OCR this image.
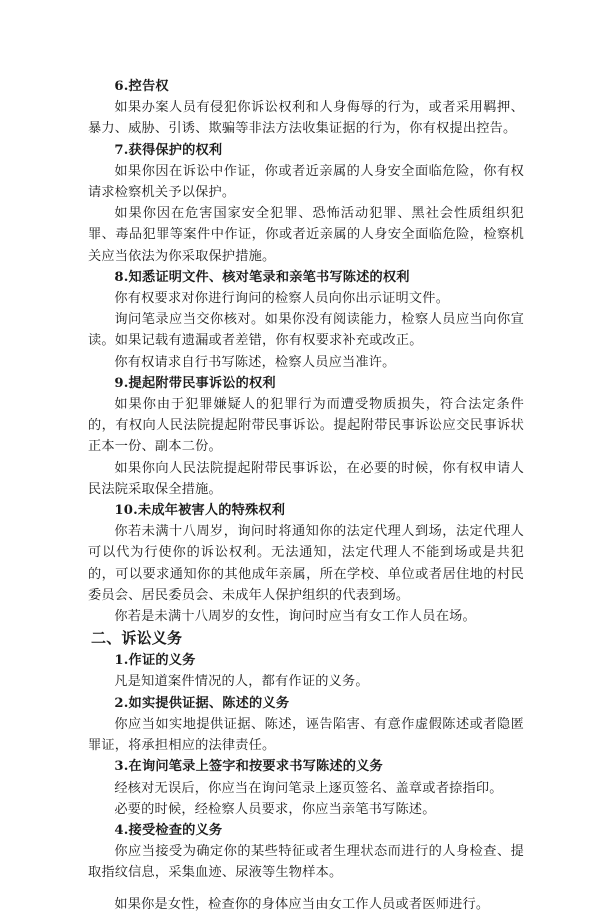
6.控告权

如果办案人员有侵犯你诉讼权利和人身侮辱的行为，或者采用羁押、暴力、威胁、引诱、欺骗等非法方法收集证据的行为，你有权提出控告。

7.获得保护的权利

如果你因在诉讼中作证，你或者近亲属的人身安全面临危险，你有权请求检察机关予以保护。

如果你因在危害国家安全犯罪、恐怖活动犯罪、黑社会性质组织犯罪、毒品犯罪等案件中作证，你或者近亲属的人身安全面临危险，检察机关应当依法为你采取保护措施。

8.知悉证明文件、核对笔录和亲笔书写陈述的权利

你有权要求对你进行询问的检察人员向你出示证明文件。

询问笔录应当交你核对。如果你没有阅读能力，检察人员应当向你宣读。如果记载有遗漏或者差错，你有权要求补充或改正。

你有权请求自行书写陈述，检察人员应当准许。

9.提起附带民事诉讼的权利

如果你由于犯罪嫌疑人的犯罪行为而遭受物质损失，符合法定条件的，有权向人民法院提起附带民事诉讼。提起附带民事诉讼应交民事诉状正本一份、副本二份。

如果你向人民法院提起附带民事诉讼，在必要的时候，你有权申请人民法院采取保全措施。

10.未成年被害人的特殊权利

你若未满十八周岁，询问时将通知你的法定代理人到场，法定代理人可以代为行使你的诉讼权利。无法通知，法定代理人不能到场或是共犯的，可以要求通知你的其他成年亲属，所在学校、单位或者居住地的村民委员会、居民委员会、未成年人保护组织的代表到场。

你若是未满十八周岁的女性，询问时应当有女工作人员在场。

二、诉讼义务

1.作证的义务

凡是知道案件情况的人，都有作证的义务。

2.如实提供证据、陈述的义务

你应当如实地提供证据、陈述，诬告陷害、有意作虚假陈述或者隐匿罪证，将承担相应的法律责任。

3.在询问笔录上签字和按要求书写陈述的义务

经核对无误后，你应当在询问笔录上逐页签名、盖章或者捺指印。

必要的时候，经检察人员要求，你应当亲笔书写陈述。

4.接受检查的义务

你应当接受为确定你的某些特征或者生理状态而进行的人身检查、提取指纹信息，采集血迹、尿液等生物样本。

如果你是女性，检查你的身体应当由女工作人员或者医师进行。
